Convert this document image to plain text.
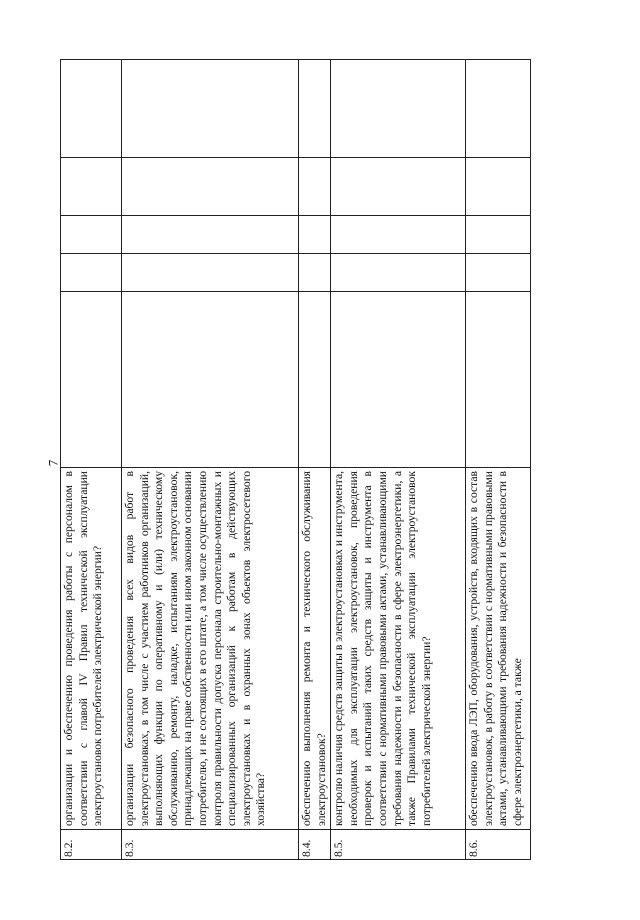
8.2.	организации и обеспечению проведения работы с персоналом в соответствии с главой IV Правил технической эксплуатации электроустановок потребителей электрической энергии?					
8.3.	организации безопасного проведения всех видов работ в электроустановках, в том числе с участием работников организаций, выполняющих функции по оперативному и (или) техническому обслуживанию, ремонту, наладке, испытаниям электроустановок, принадлежащих на праве собственности или ином законном основании потребителю, и не состоящих в его штате, а том числе осуществлению контроля правильности допуска персонала строительно-монтажных и специализированных организаций к работам в действующих электроустановках и в охранных зонах объектов электросетевого хозяйства?					
8.4.	обеспечению выполнения ремонта и технического обслуживания электроустановок?					
8.5.	контролю наличия средств защиты в электроустановках и инструмента, необходимых для эксплуатации электроустановок, проведения проверок и испытаний таких средств защиты и инструмента в соответствии с нормативными правовыми актами, устанавливающими требования надежности и безопасности в сфере электроэнергетики, а также Правилами технической эксплуатации электроустановок потребителей электрической энергии?					
8.6.	обеспечению ввода ЛЭП, оборудования, устройств, входящих в состав электроустановок, в работу в соответствии с нормативными правовыми актами, устанавливающими требования надежности и безопасности в сфере электроэнергетики, а также					
7
